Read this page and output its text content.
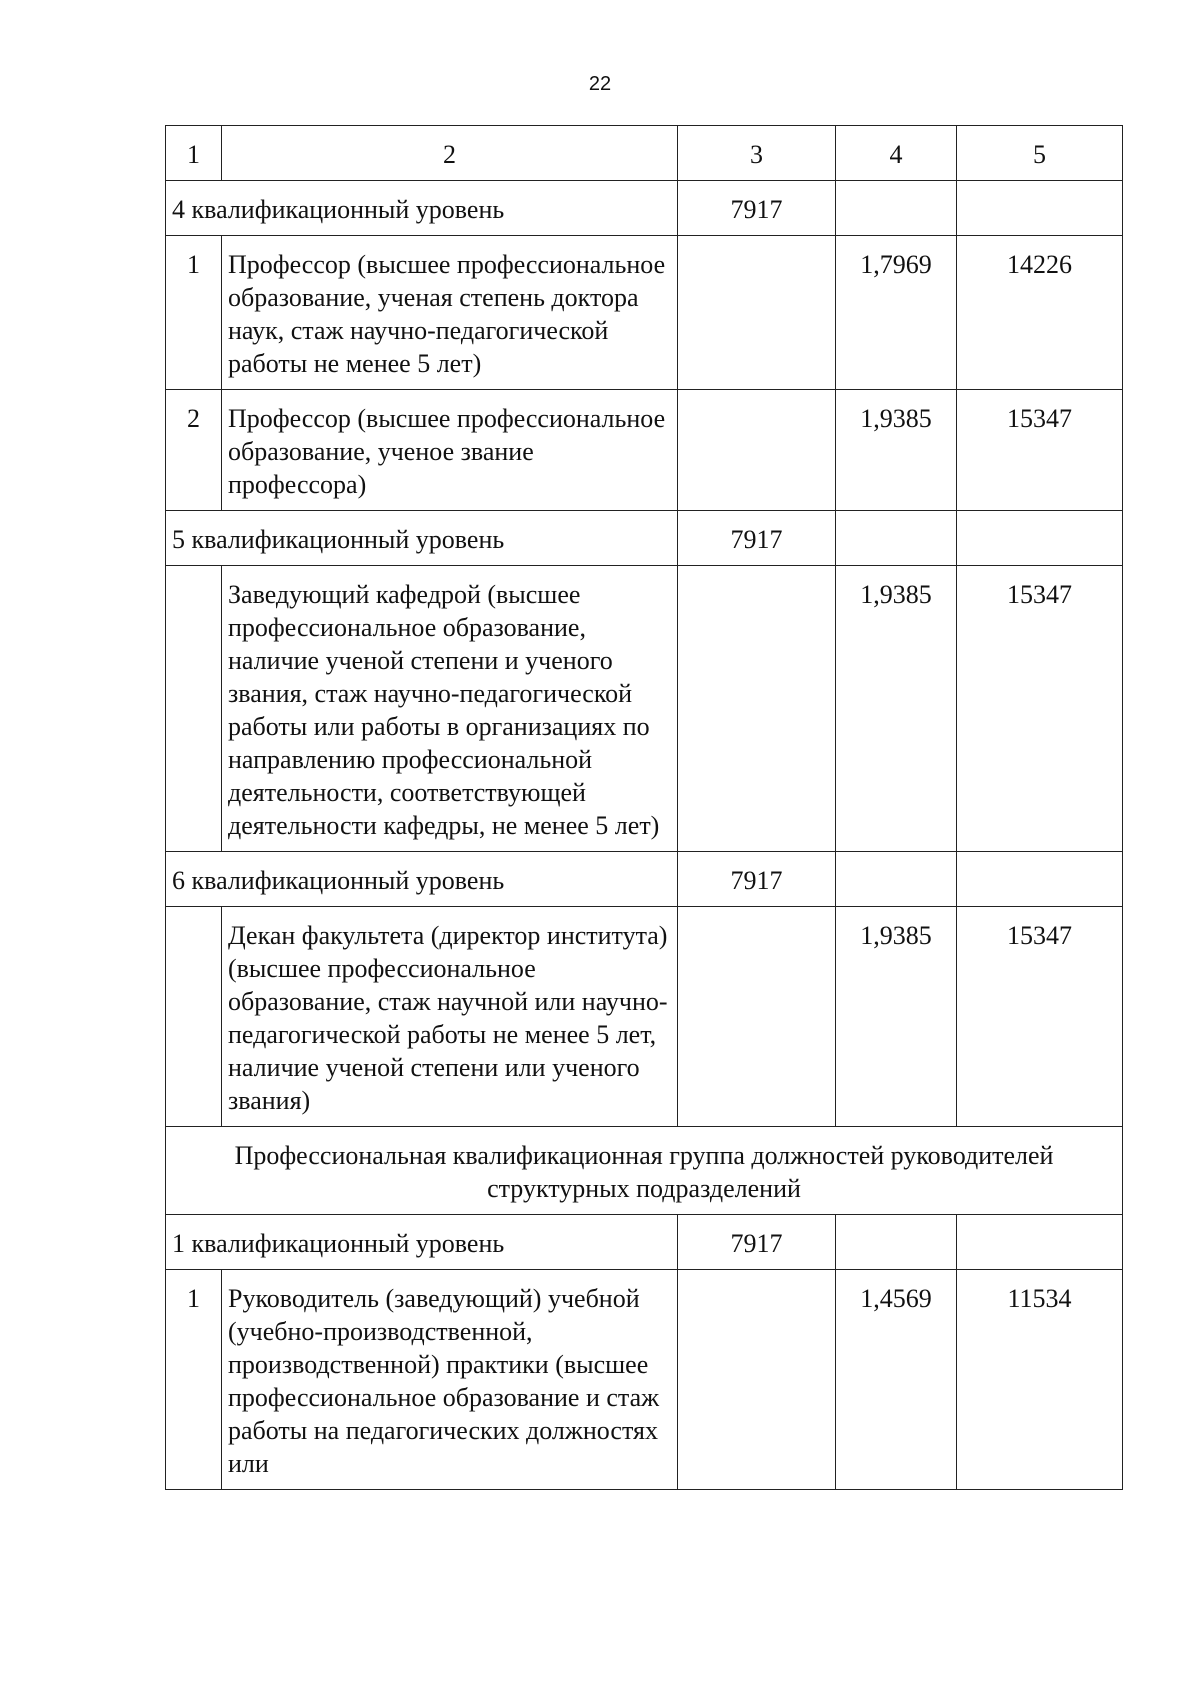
22
1	2	3	4	5
4 квалификационный уровень		7917		
1	Профессор (высшее профессиональное образование, ученая степень доктора наук, стаж научно-педагогической работы не менее 5 лет)		1,7969	14226
2	Профессор (высшее профессиональное образование, ученое звание профессора)		1,9385	15347
5 квалификационный уровень		7917		
	Заведующий кафедрой (высшее профессиональное образование, наличие ученой степени и ученого звания, стаж научно-педагогической работы или работы в организациях по направлению профессиональной деятельности, соответствующей деятельности кафедры, не менее 5 лет)		1,9385	15347
6 квалификационный уровень		7917		
	Декан факультета (директор института) (высшее профессиональное образование, стаж научной или научно-педагогической работы не менее 5 лет, наличие ученой степени или ученого звания)		1,9385	15347
Профессиональная квалификационная группа должностей руководителей структурных подразделений				
1 квалификационный уровень		7917		
1	Руководитель (заведующий) учебной (учебно-производственной, производственной) практики (высшее профессиональное образование и стаж работы на педагогических должностях или		1,4569	11534
